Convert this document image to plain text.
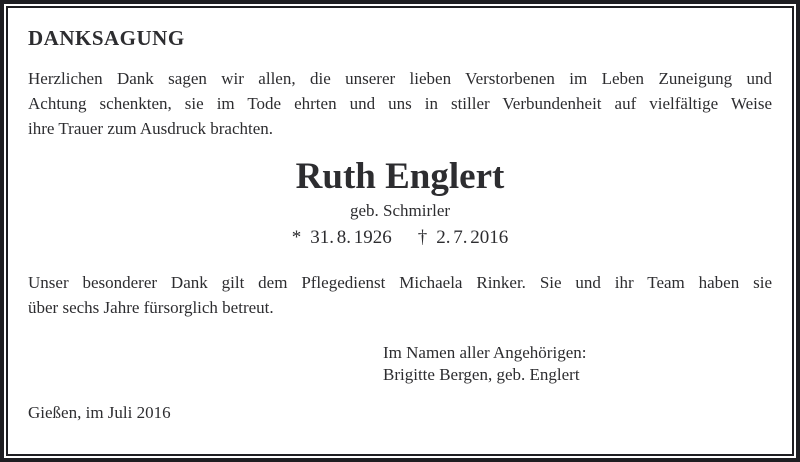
DANKSAGUNG

Herzlichen Dank sagen wir allen, die unserer lieben Verstorbenen im Leben Zuneigung und
Achtung schenkten, sie im Tode ehrten und uns in stiller Verbundenheit auf vielfältige Weise
ihre Trauer zum Ausdruck brachten.

Ruth Englert
geb. Schmirler
* 31. 8. 1926 † 2. 7. 2016

Unser besonderer Dank gilt dem Pflegedienst Michaela Rinker. Sie und ihr Team haben sie
über sechs Jahre fürsorglich betreut.

Im Namen aller Angehörigen:
Brigitte Bergen, geb. Englert
Gießen, im Juli 2016
